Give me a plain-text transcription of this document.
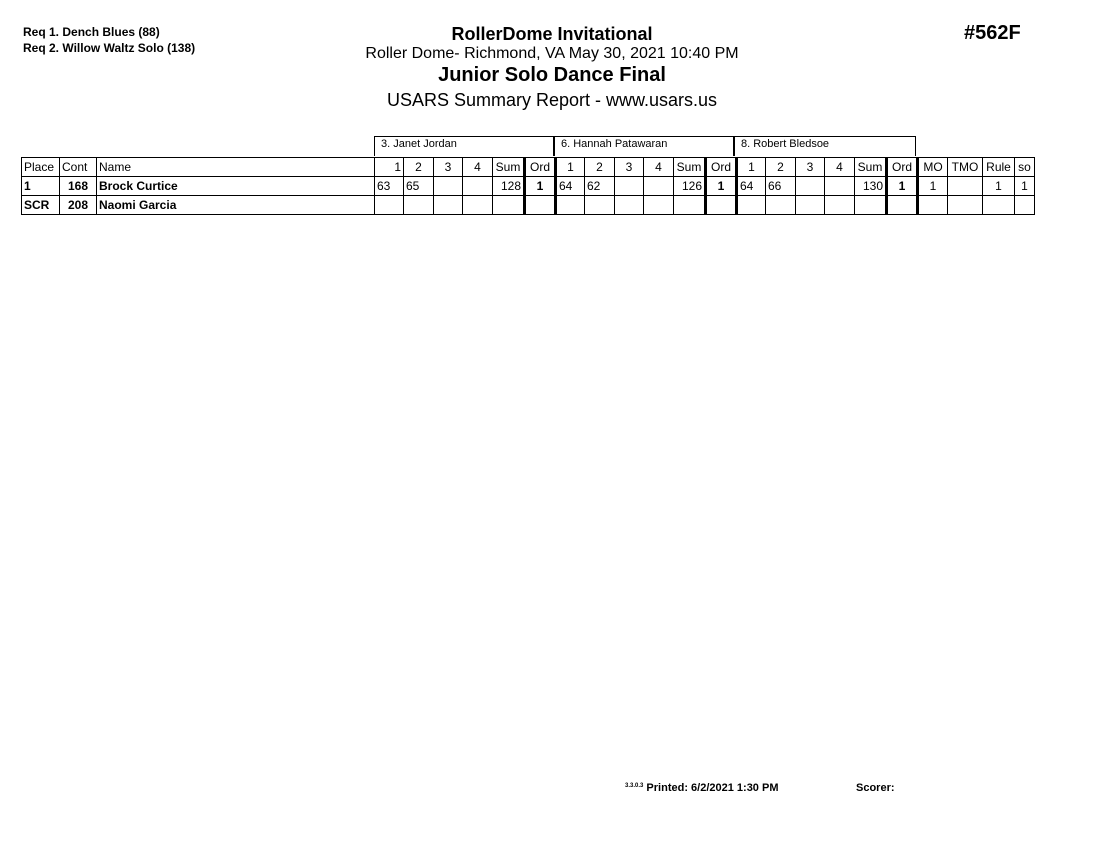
Req 1. Dench Blues (88)
Req 2. Willow Waltz Solo (138)
RollerDome Invitational
Roller Dome- Richmond, VA May 30, 2021 10:40 PM
Junior Solo Dance Final
USARS Summary Report - www.usars.us
#562F
3. Janet Jordan	6. Hannah Patawaran	8. Robert Bledsoe
Place	Cont	Name	1	2	3	4	Sum	Ord	1	2	3	4	Sum	Ord	1	2	3	4	Sum	Ord	MO	TMO	Rule	so
1	168	Brock Curtice	63	65			128	1	64	62			126	1	64	66			130	1	1		1	1
SCR	208	Naomi Garcia																						
$^{3.3.0.3}$ Printed: 6/2/2021 1:30 PM	Scorer:
